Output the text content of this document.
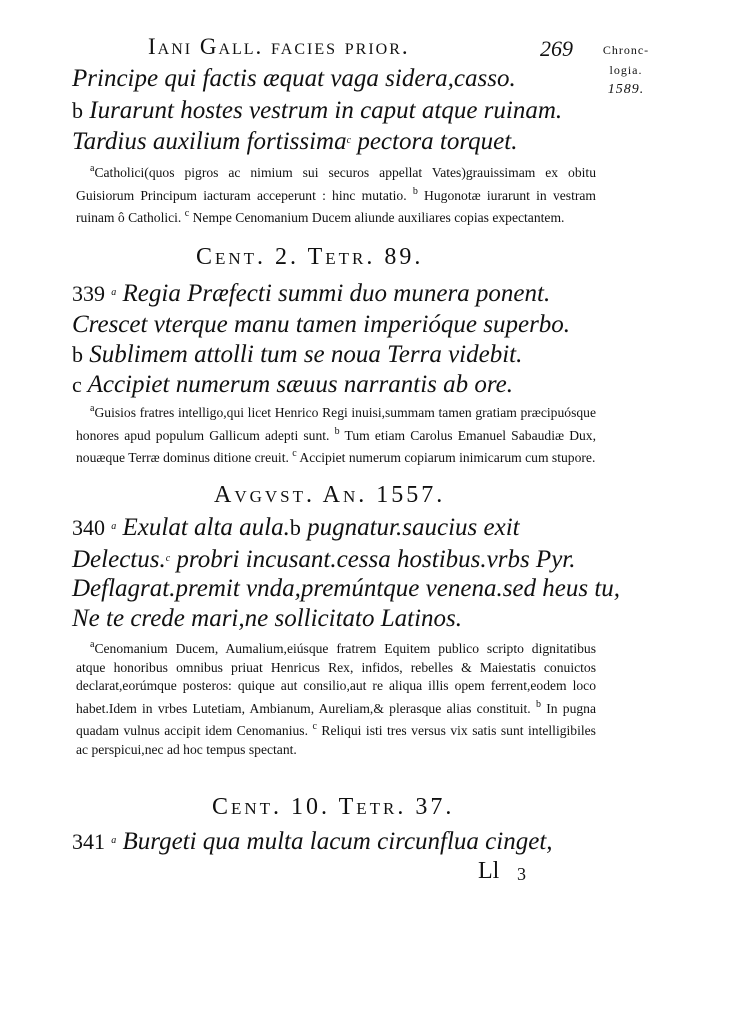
Iani Gall. facies prior.	269	Chronc-
logia.
1589.
Principe qui factis æquat vaga sidera,casso.
b Iurarunt hostes vestrum in caput atque ruinam.
Tardius auxilium fortissima$^c$ pectora torquet.
$^a$Catholici(quos pigros ac nimium sui securos appellat Vates)grauissimam ex obitu Guisiorum Principum iacturam acceperunt : hinc mutatio. $^b$ Hugonotæ iurarunt in vestram ruinam ô Catholici. $^c$ Nempe Cenomanium Ducem aliunde auxiliares copias expectantem.
Cent. 2. Tetr. 89.
339 $^a$ Regia Præfecti summi duo munera ponent.
Crescet vterque manu tamen imperióque superbo.
b Sublimem attolli tum se noua Terra videbit.
c Accipiet numerum sæuus narrantis ab ore.
$^a$Guisios fratres intelligo,qui licet Henrico Regi inuisi,summam tamen gratiam præcipuósque honores apud populum Gallicum adepti sunt. $^b$ Tum etiam Carolus Emanuel Sabaudiæ Dux, nouæque Terræ dominus ditione creuit. $^c$ Accipiet numerum copiarum inimicarum cum stupore.
Avgvst. An. 1557.
340 $^a$ Exulat alta aula.b pugnatur.saucius exit
Delectus.$^c$ probri incusant.cessa hostibus.vrbs Pyr.
Deflagrat.premit vnda,premúntque venena.sed heus tu,
Ne te crede mari,ne sollicitato Latinos.
$^a$Cenomanium Ducem, Aumalium,eiúsque fratrem Equitem publico scripto dignitatibus atque honoribus omnibus priuat Henricus Rex, infidos, rebelles & Maiestatis conuictos declarat,eorúmque posteros: quique aut consilio,aut re aliqua illis opem ferrent,eodem loco habet.Idem in vrbes Lutetiam, Ambianum, Aureliam,& plerasque alias constituit. $^b$ In pugna quadam vulnus accipit idem Cenomanius. $^c$ Reliqui isti tres versus vix satis sunt intelligibiles ac perspicui,nec ad hoc tempus spectant.
Cent. 10. Tetr. 37.
341 $^a$ Burgeti qua multa lacum circunflua cinget,
Ll 3
